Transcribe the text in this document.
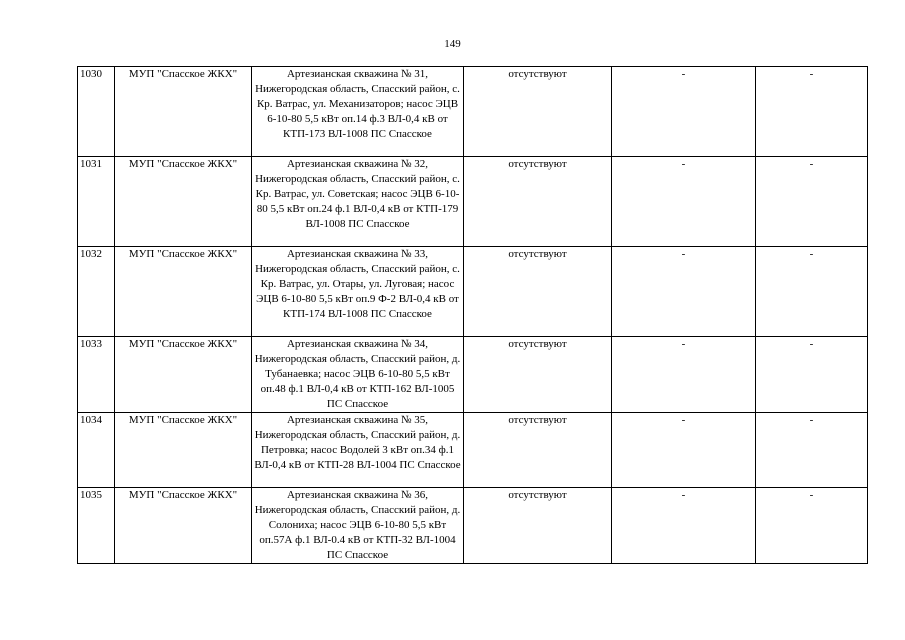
149
1030	МУП "Спасское ЖКХ"	Артезианская скважина № 31, Нижегородская область, Спасский район, с. Кр. Ватрас, ул. Механизаторов; насос ЭЦВ 6-10-80 5,5 кВт оп.14 ф.3 ВЛ-0,4 кВ от КТП-173 ВЛ-1008 ПС Спасское	отсутствуют	-	-
1031	МУП "Спасское ЖКХ"	Артезианская скважина № 32, Нижегородская область, Спасский район, с. Кр. Ватрас, ул. Советская; насос ЭЦВ 6-10-80 5,5 кВт оп.24 ф.1 ВЛ-0,4 кВ от КТП-179 ВЛ-1008 ПС Спасское	отсутствуют	-	-
1032	МУП "Спасское ЖКХ"	Артезианская скважина № 33, Нижегородская область, Спасский район, с. Кр. Ватрас, ул. Отары, ул. Луговая; насос ЭЦВ 6-10-80 5,5 кВт оп.9 Ф-2 ВЛ-0,4 кВ от КТП-174 ВЛ-1008 ПС Спасское	отсутствуют	-	-
1033	МУП "Спасское ЖКХ"	Артезианская скважина № 34, Нижегородская область, Спасский район, д. Тубанаевка; насос ЭЦВ 6-10-80 5,5 кВт оп.48 ф.1 ВЛ-0,4 кВ от КТП-162 ВЛ-1005 ПС Спасское	отсутствуют	-	-
1034	МУП "Спасское ЖКХ"	Артезианская скважина № 35, Нижегородская область, Спасский район, д. Петровка; насос Водолей 3 кВт оп.34 ф.1 ВЛ-0,4 кВ от КТП-28 ВЛ-1004 ПС Спасское	отсутствуют	-	-
1035	МУП "Спасское ЖКХ"	Артезианская скважина № 36, Нижегородская область, Спасский район, д. Солониха; насос ЭЦВ 6-10-80 5,5 кВт оп.57А ф.1 ВЛ-0.4 кВ от КТП-32 ВЛ-1004 ПС Спасское	отсутствуют	-	-
